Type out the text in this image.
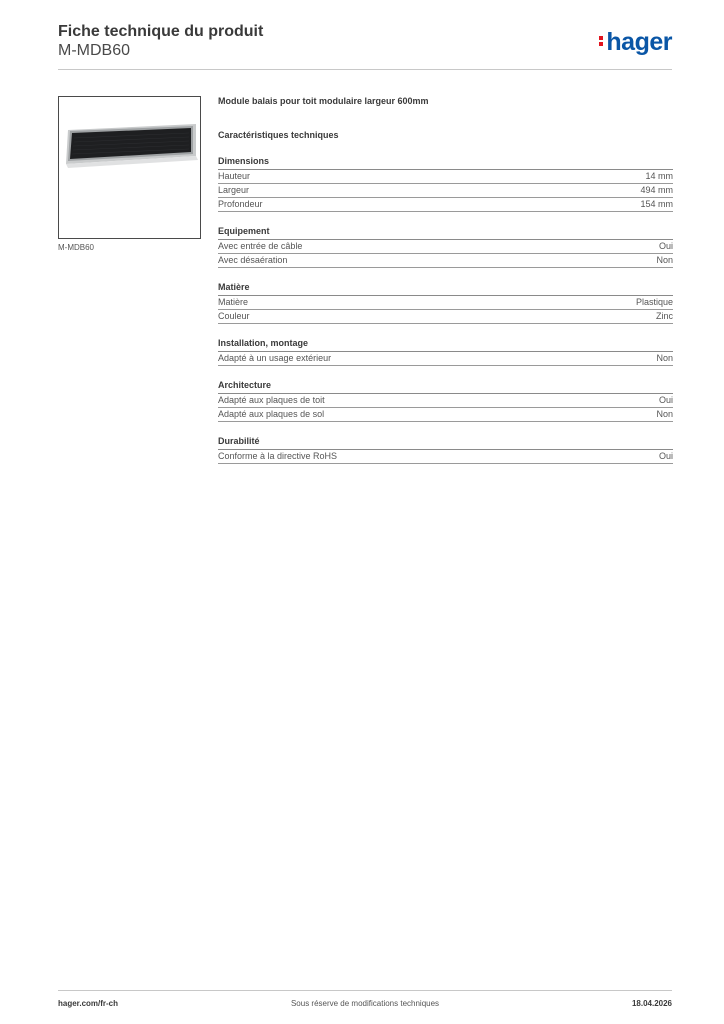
Fiche technique du produit
M-MDB60	hager
M-MDB60
Module balais pour toit modulaire largeur 600mm
Caractéristiques techniques
Dimensions
Hauteur	14 mm
Largeur	494 mm
Profondeur	154 mm
Equipement
Avec entrée de câble	Oui
Avec désaération	Non
Matière
Matière	Plastique
Couleur	Zinc
Installation, montage
Adapté à un usage extérieur	Non
Architecture
Adapté aux plaques de toit	Oui
Adapté aux plaques de sol	Non
Durabilité
Conforme à la directive RoHS	Oui
hager.com/fr-ch	Sous réserve de modifications techniques	18.04.2026
